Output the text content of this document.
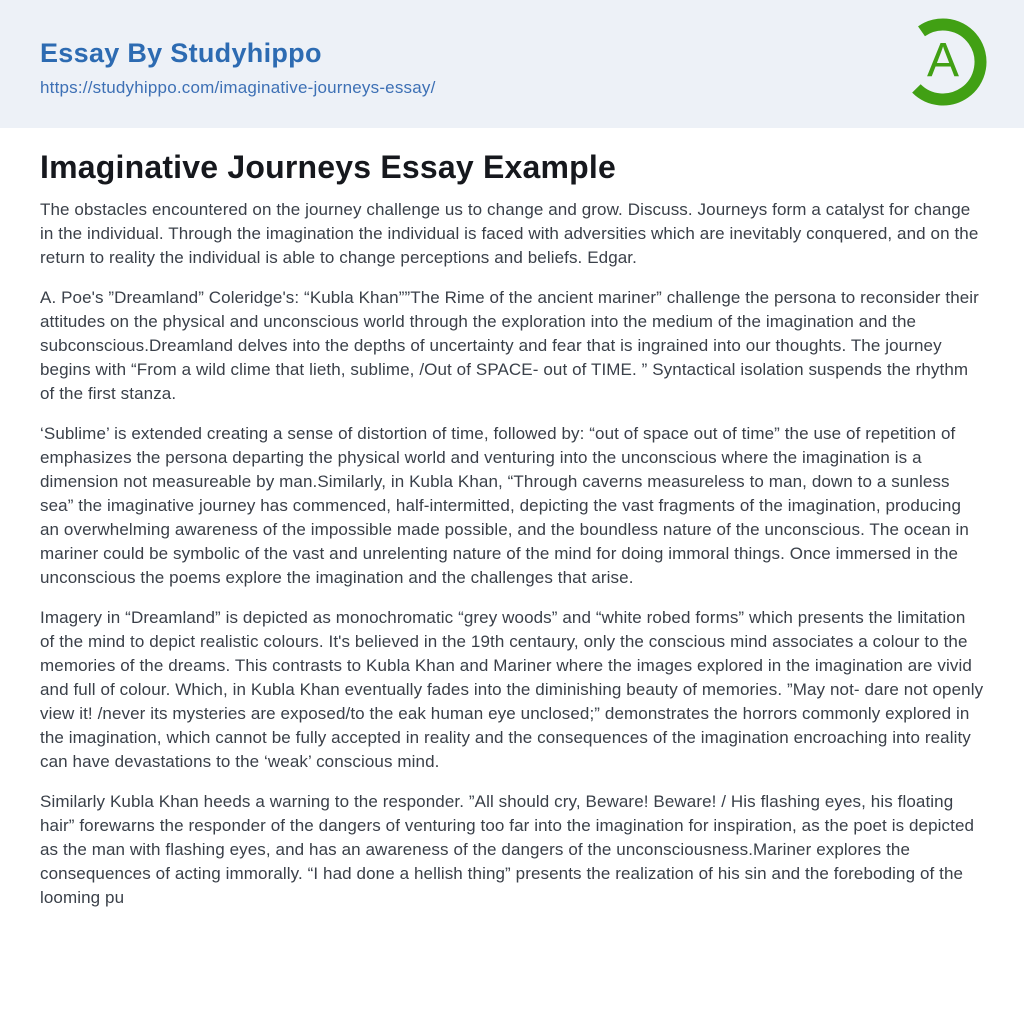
Essay By Studyhippo
https://studyhippo.com/imaginative-journeys-essay/
A
Imaginative Journeys Essay Example

The obstacles encountered on the journey challenge us to change and grow. Discuss. Journeys form a catalyst for change in the individual. Through the imagination the individual is faced with adversities which are inevitably conquered, and on the return to reality the individual is able to change perceptions and beliefs. Edgar.

A. Poe's ”Dreamland” Coleridge's: “Kubla Khan””The Rime of the ancient mariner” challenge the persona to reconsider their attitudes on the physical and unconscious world through the exploration into the medium of the imagination and the subconscious.Dreamland delves into the depths of uncertainty and fear that is ingrained into our thoughts. The journey begins with “From a wild clime that lieth, sublime, /Out of SPACE- out of TIME. ” Syntactical isolation suspends the rhythm of the first stanza.

‘Sublime’ is extended creating a sense of distortion of time, followed by: “out of space out of time” the use of repetition of emphasizes the persona departing the physical world and venturing into the unconscious where the imagination is a dimension not measureable by man.Similarly, in Kubla Khan, “Through caverns measureless to man, down to a sunless sea” the imaginative journey has commenced, half-intermitted, depicting the vast fragments of the imagination, producing an overwhelming awareness of the impossible made possible, and the boundless nature of the unconscious. The ocean in mariner could be symbolic of the vast and unrelenting nature of the mind for doing immoral things. Once immersed in the unconscious the poems explore the imagination and the challenges that arise.

Imagery in “Dreamland” is depicted as monochromatic “grey woods” and “white robed forms” which presents the limitation of the mind to depict realistic colours. It's believed in the 19th centaury, only the conscious mind associates a colour to the memories of the dreams. This contrasts to Kubla Khan and Mariner where the images explored in the imagination are vivid and full of colour. Which, in Kubla Khan eventually fades into the diminishing beauty of memories. ”May not- dare not openly view it! /never its mysteries are exposed/to the eak human eye unclosed;” demonstrates the horrors commonly explored in the imagination, which cannot be fully accepted in reality and the consequences of the imagination encroaching into reality can have devastations to the ‘weak’ conscious mind.

Similarly Kubla Khan heeds a warning to the responder. ”All should cry, Beware! Beware! / His flashing eyes, his floating hair” forewarns the responder of the dangers of venturing too far into the imagination for inspiration, as the poet is depicted as the man with flashing eyes, and has an awareness of the dangers of the unconsciousness.Mariner explores the consequences of acting immorally. “I had done a hellish thing” presents the realization of his sin and the foreboding of the looming pu
